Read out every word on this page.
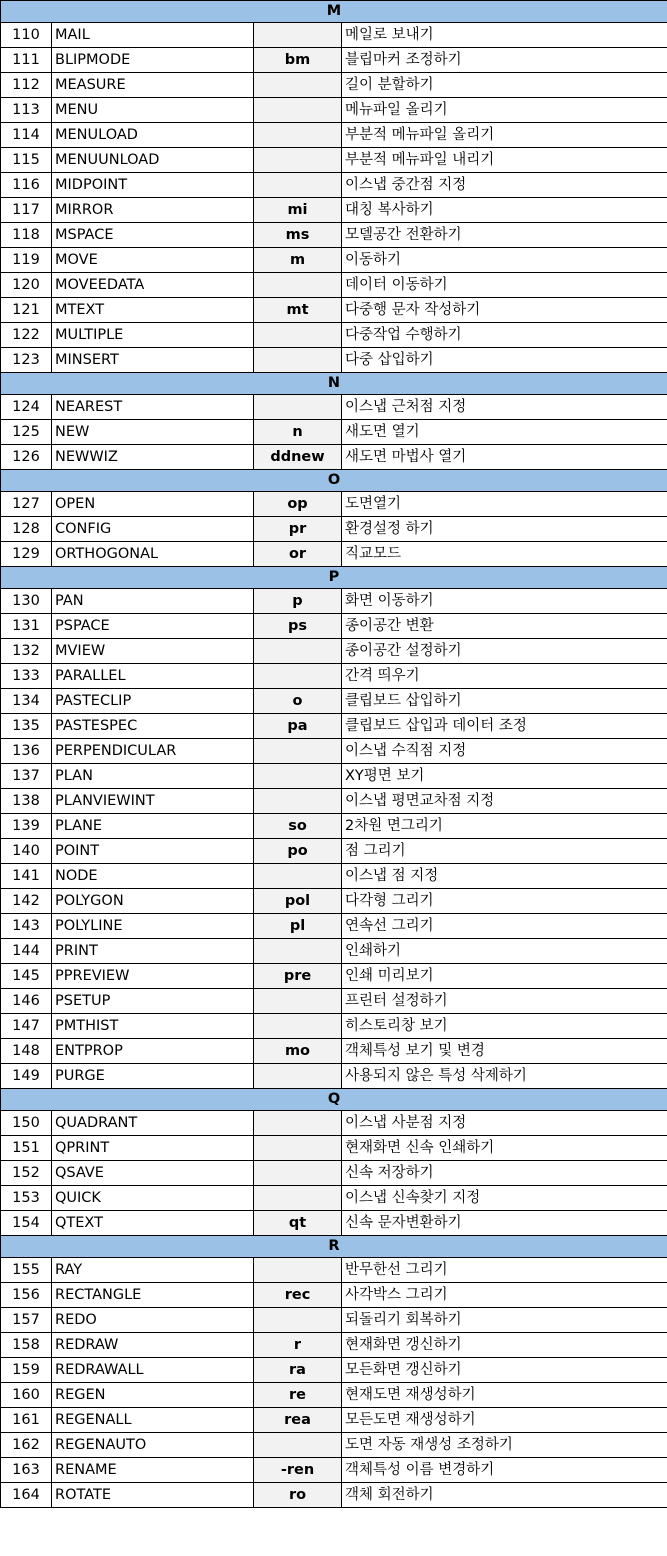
M			
110	MAIL		메일로 보내기
111	BLIPMODE	bm	블립마커 조정하기
112	MEASURE		길이 분할하기
113	MENU		메뉴파일 올리기
114	MENULOAD		부분적 메뉴파일 올리기
115	MENUUNLOAD		부분적 메뉴파일 내리기
116	MIDPOINT		이스냅 중간점 지정
117	MIRROR	mi	대칭 복사하기
118	MSPACE	ms	모델공간 전환하기
119	MOVE	m	이동하기
120	MOVEEDATA		데이터 이동하기
121	MTEXT	mt	다중행 문자 작성하기
122	MULTIPLE		다중작업 수행하기
123	MINSERT		다중 삽입하기
N			
124	NEAREST		이스냅 근처점 지정
125	NEW	n	새도면 열기
126	NEWWIZ	ddnew	새도면 마법사 열기
O			
127	OPEN	op	도면열기
128	CONFIG	pr	환경설정 하기
129	ORTHOGONAL	or	직교모드
P			
130	PAN	p	화면 이동하기
131	PSPACE	ps	종이공간 변환
132	MVIEW		종이공간 설정하기
133	PARALLEL		간격 띄우기
134	PASTECLIP	o	클립보드 삽입하기
135	PASTESPEC	pa	클립보드 삽입과 데이터 조정
136	PERPENDICULAR		이스냅 수직점 지정
137	PLAN		XY평면 보기
138	PLANVIEWINT		이스냅 평면교차점 지정
139	PLANE	so	2차원 면그리기
140	POINT	po	점 그리기
141	NODE		이스냅 점 지정
142	POLYGON	pol	다각형 그리기
143	POLYLINE	pl	연속선 그리기
144	PRINT		인쇄하기
145	PPREVIEW	pre	인쇄 미리보기
146	PSETUP		프린터 설정하기
147	PMTHIST		히스토리창 보기
148	ENTPROP	mo	객체특성 보기 및 변경
149	PURGE		사용되지 않은 특성 삭제하기
Q			
150	QUADRANT		이스냅 사분점 지정
151	QPRINT		현재화면 신속 인쇄하기
152	QSAVE		신속 저장하기
153	QUICK		이스냅 신속찾기 지정
154	QTEXT	qt	신속 문자변환하기
R			
155	RAY		반무한선 그리기
156	RECTANGLE	rec	사각박스 그리기
157	REDO		되돌리기 회복하기
158	REDRAW	r	현재화면 갱신하기
159	REDRAWALL	ra	모든화면 갱신하기
160	REGEN	re	현재도면 재생성하기
161	REGENALL	rea	모든도면 재생성하기
162	REGENAUTO		도면 자동 재생성 조정하기
163	RENAME	-ren	객체특성 이름 변경하기
164	ROTATE	ro	객체 회전하기
